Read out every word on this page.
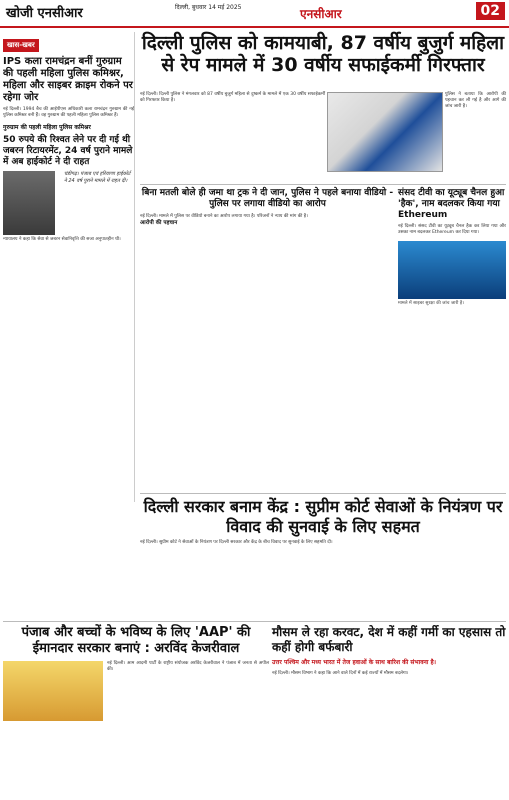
खोजी एनसीआर	दिल्ली, बुधवार 14 मई 2025	एनसीआर	02
खास-खबर
IPS कला रामचंद्रन बनीं गुरुग्राम की पहली महिला पुलिस कमिश्नर, महिला और साइबर क्राइम रोकने पर रहेगा जोर

नई दिल्ली। 1994 बैच की आईपीएस अधिकारी कला रामचंद्रन गुरुग्राम की नई पुलिस कमिश्नर बनी हैं। वह गुरुग्राम की पहली महिला पुलिस कमिश्नर हैं।

गुरुग्राम की पहली महिला पुलिस कमिश्नर

50 रुपये की रिश्वत लेने पर दी गई थी जबरन रिटायरमेंट, 24 वर्ष पुराने मामले में अब हाईकोर्ट ने दी राहत

चंडीगढ़। पंजाब एवं हरियाणा हाईकोर्ट ने 24 वर्ष पुराने मामले में राहत दी।

न्यायालय ने कहा कि सेवा से जबरन सेवानिवृत्ति की सजा अनुपातहीन थी।

दिल्ली पुलिस को कामयाबी, 87 वर्षीय बुजुर्ग महिला से रेप मामले में 30 वर्षीय सफाईकर्मी गिरफ्तार

नई दिल्ली। दिल्ली पुलिस ने मंगलवार को 87 वर्षीय बुजुर्ग महिला से दुष्कर्म के मामले में एक 30 वर्षीय सफाईकर्मी को गिरफ्तार किया है।

पुलिस ने बताया कि आरोपी की पहचान कर ली गई है और आगे की जांच जारी है।

बिना मतली बोले ही जमा था ट्रक ने दी जान, पुलिस ने पहले बनाया वीडियो - पुलिस पर लगाया वीडियो का आरोप

नई दिल्ली। मामले में पुलिस पर वीडियो बनाने का आरोप लगाया गया है। परिजनों ने न्याय की मांग की है।

आरोपी की पहचान

संसद टीवी का यूट्यूब चैनल हुआ 'हैक', नाम बदलकर किया गया Ethereum

नई दिल्ली। संसद टीवी का यूट्यूब चैनल हैक कर लिया गया और उसका नाम बदलकर Ethereum कर दिया गया।

मामले में साइबर सुरक्षा की जांच जारी है।

दिल्ली सरकार बनाम केंद्र : सुप्रीम कोर्ट सेवाओं के नियंत्रण पर विवाद की सुनवाई के लिए सहमत

नई दिल्ली। सुप्रीम कोर्ट ने सेवाओं के नियंत्रण पर दिल्ली सरकार और केंद्र के बीच विवाद पर सुनवाई के लिए सहमति दी।

पंजाब और बच्चों के भविष्य के लिए 'AAP' की ईमानदार सरकार बनाएं : अरविंद केजरीवाल

नई दिल्ली। आम आदमी पार्टी के राष्ट्रीय संयोजक अरविंद केजरीवाल ने पंजाब में जनता से अपील की।

मौसम ले रहा करवट, देश में कहीं गर्मी का एहसास तो कहीं होगी बर्फबारी

उत्तर पश्चिम और मध्य भारत में तेज हवाओं के साथ बारिश की संभावना है।

नई दिल्ली। मौसम विभाग ने कहा कि आने वाले दिनों में कई राज्यों में मौसम बदलेगा।
